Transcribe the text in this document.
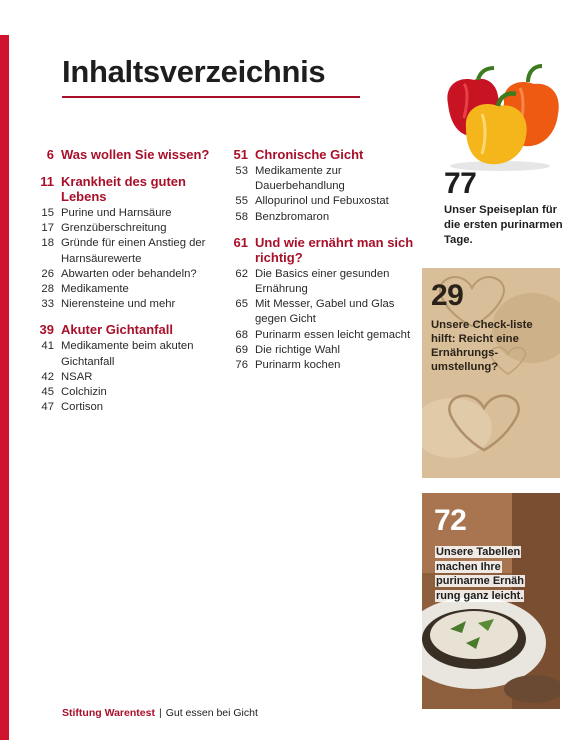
Inhaltsverzeichnis
6 Was wollen Sie wissen?
11 Krankheit des guten Lebens
15 Purine und Harnsäure
17 Grenzüberschreitung
18 Gründe für einen Anstieg der Harnsäurewerte
26 Abwarten oder behandeln?
28 Medikamente
33 Nierensteine und mehr
39 Akuter Gichtanfall
41 Medikamente beim akuten Gichtanfall
42 NSAR
45 Colchizin
47 Cortison
51 Chronische Gicht
53 Medikamente zur Dauerbehandlung
55 Allopurinol und Febuxostat
58 Benzbromaron
61 Und wie ernährt man sich richtig?
62 Die Basics einer gesunden Ernährung
65 Mit Messer, Gabel und Glas gegen Gicht
68 Purinarm essen leicht gemacht
69 Die richtige Wahl
76 Purinarm kochen
77
Unser Speiseplan für die ersten purinarmen Tage.
29
Unsere Check-liste hilft: Reicht eine Ernährungs-umstellung?
72
Unsere Tabellen
machen Ihre
purinarme Ernäh
rung ganz leicht.
Stiftung Warentest | Gut essen bei Gicht
